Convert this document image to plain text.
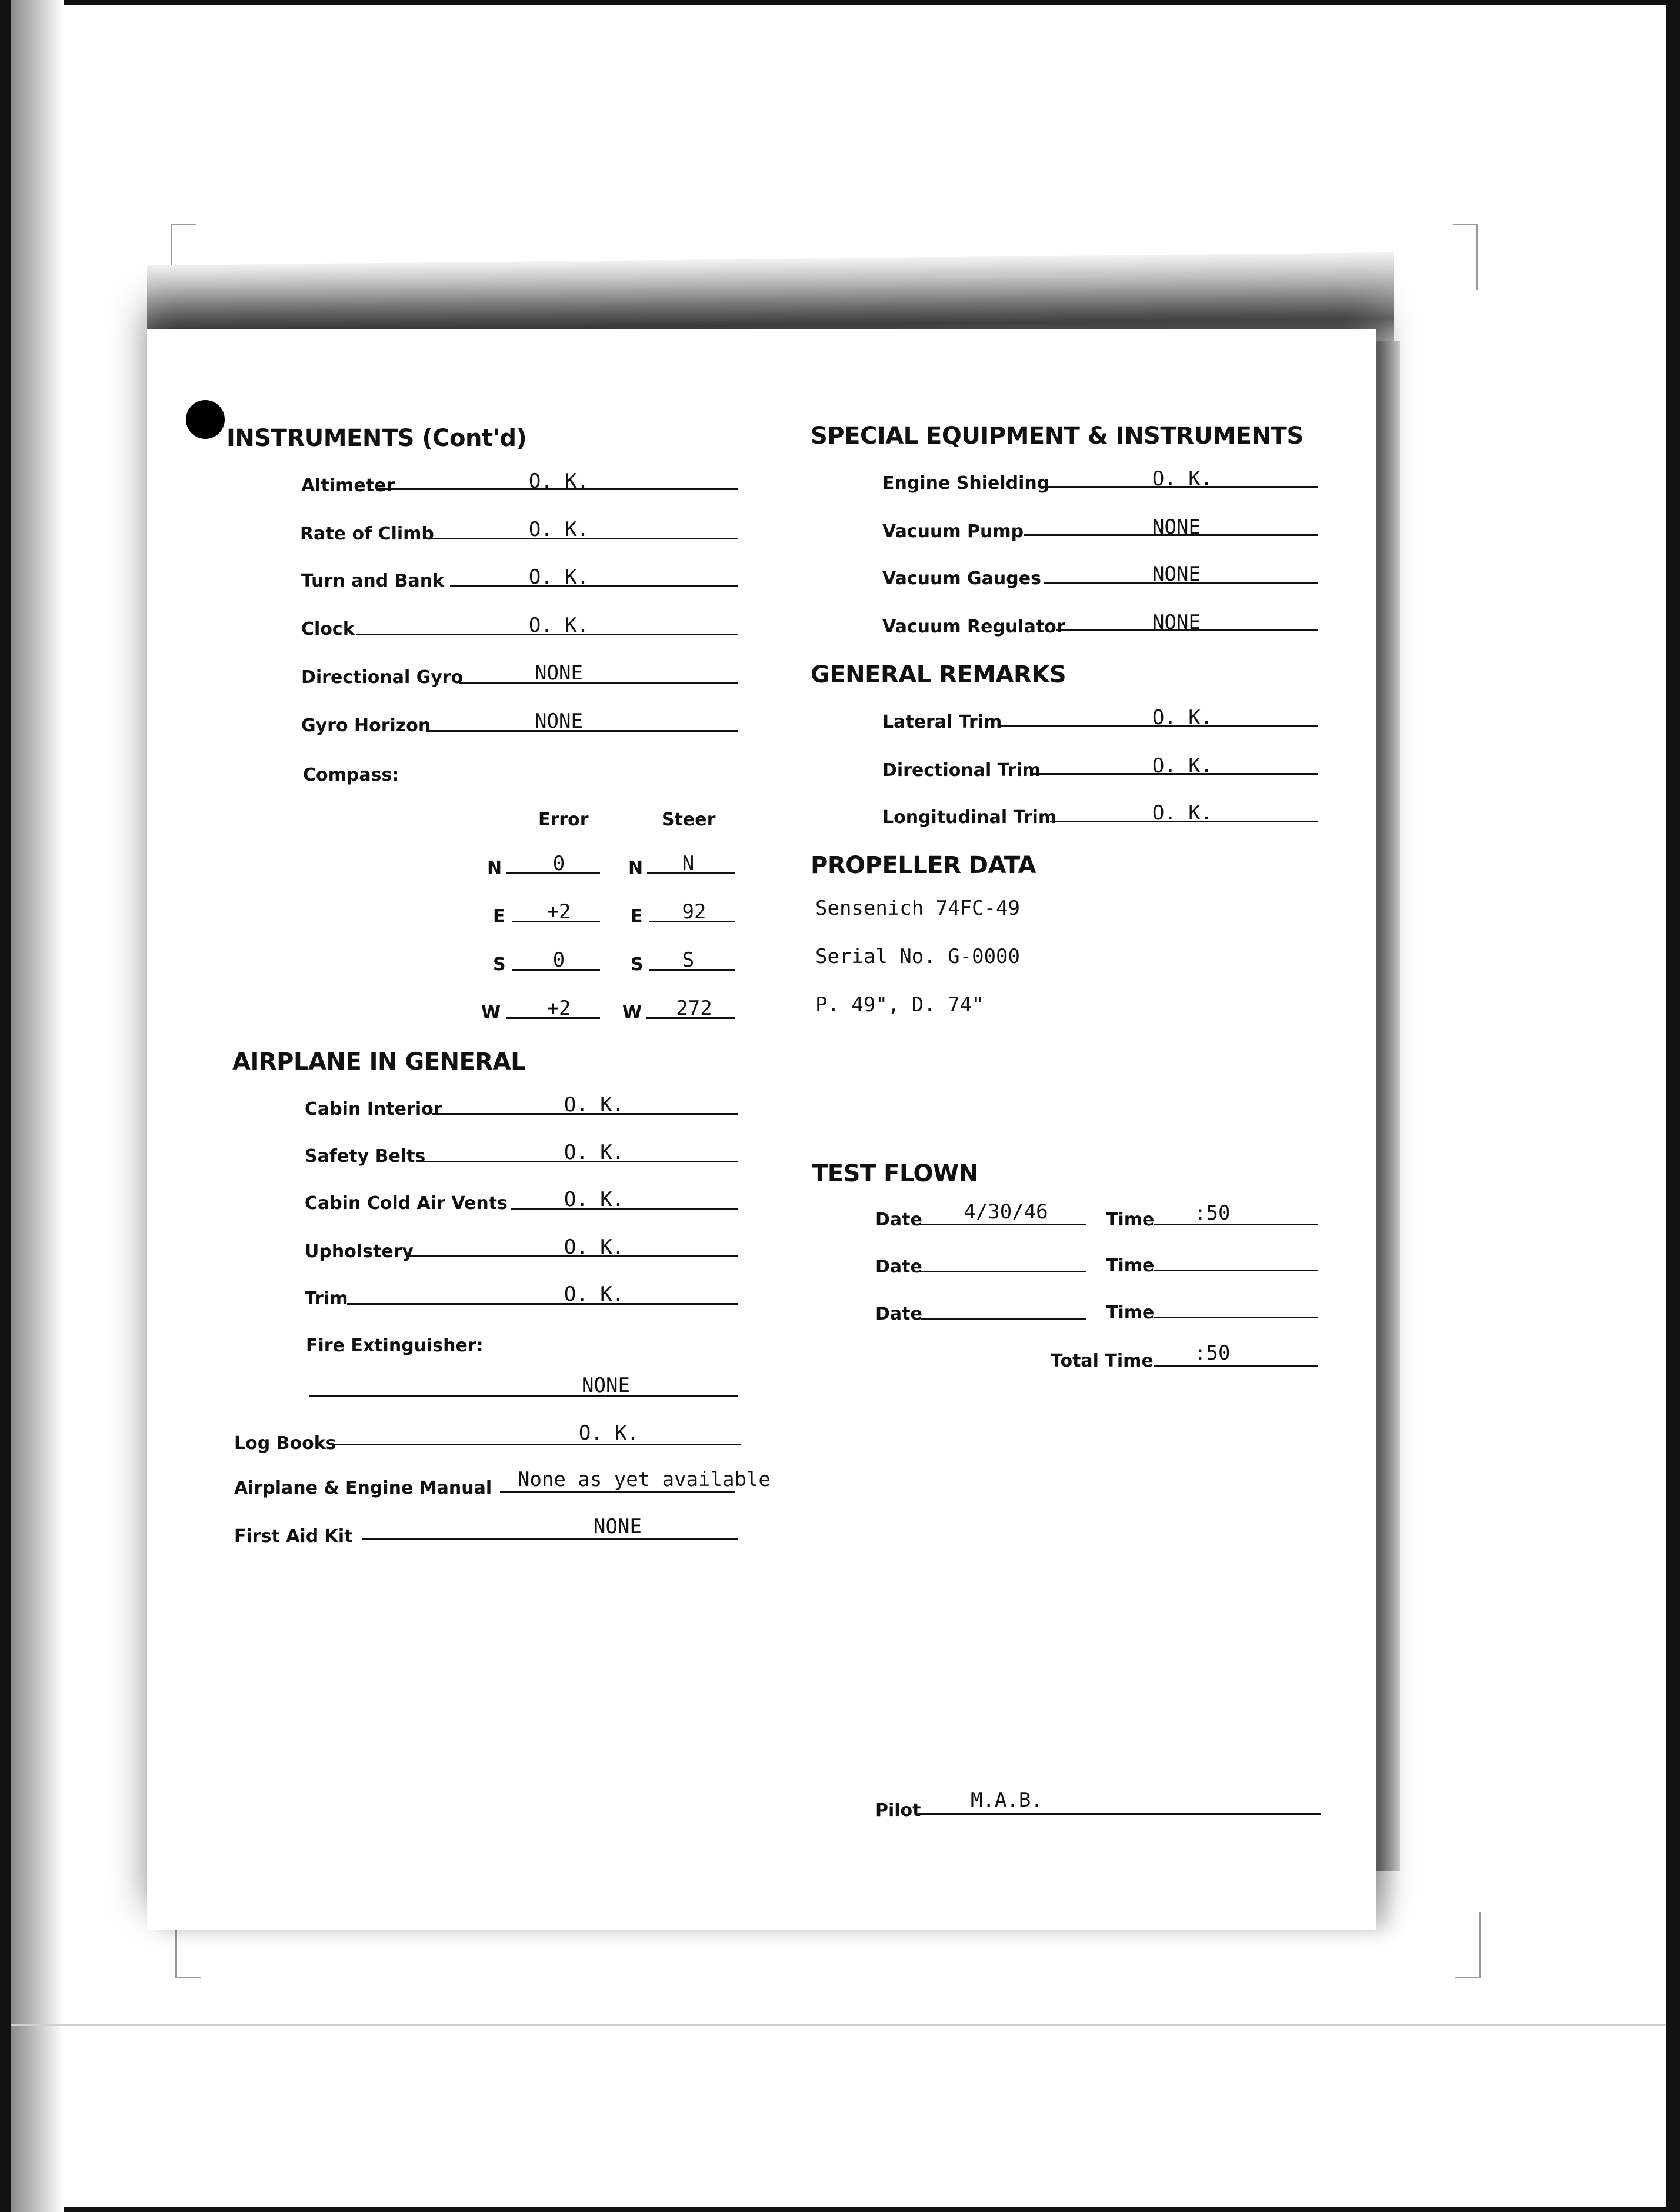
INSTRUMENTS (Cont'd)
Altimeter	O. K.
Rate of Climb	O. K.
Turn and Bank	O. K.
Clock	O. K.
Directional Gyro	NONE
Gyro Horizon	NONE
Compass:
Error	Steer
N	0	N	N
E	+2	E	92
S	0	S	S
W	+2	W	272
AIRPLANE IN GENERAL
Cabin Interior	O. K.
Safety Belts	O. K.
Cabin Cold Air Vents	O. K.
Upholstery	O. K.
Trim	O. K.
Fire Extinguisher:
NONE
Log Books	O. K.
Airplane & Engine Manual None as yet available
First Aid Kit	NONE
SPECIAL EQUIPMENT & INSTRUMENTS
Engine Shielding	O. K.
Vacuum Pump	NONE
Vacuum Gauges	NONE
Vacuum Regulator	NONE
GENERAL REMARKS
Lateral Trim	O. K.
Directional Trim	O. K.
Longitudinal Trim	O. K.
PROPELLER DATA
Sensenich 74FC-49
Serial No. G-0000
P. 49", D. 74"
TEST FLOWN
Date	4/30/46	Time :50
Date	Time
Date	Time
Total Time :50
Pilot M.A.B.
